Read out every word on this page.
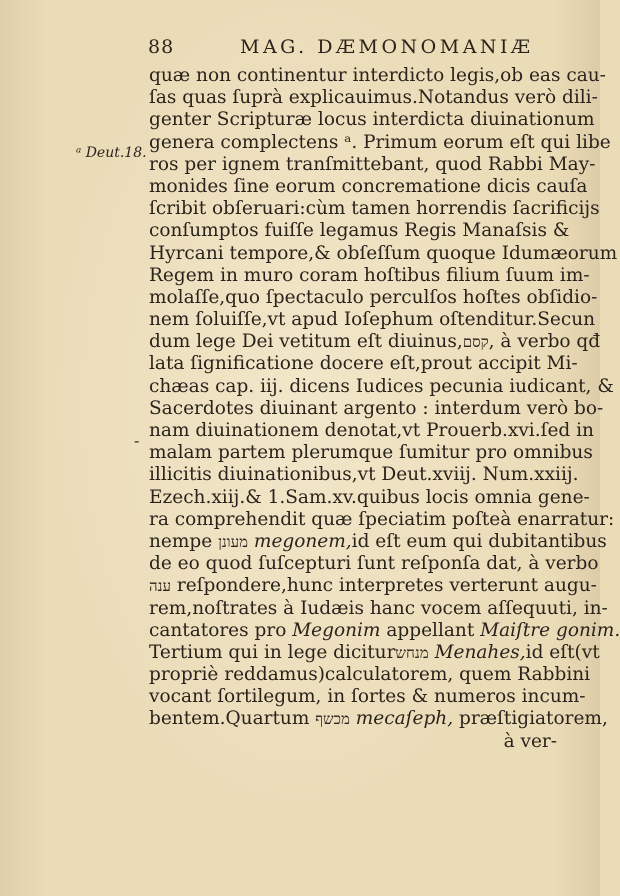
88	MAG. DÆMONOMANIÆ
ᵃ Deut.18.
-
quæ non continentur interdicto legis,ob eas cau-
ſas quas ſuprà explicauimus.Notandus verò dili-
genter Scripturæ locus interdicta diuinationum
genera complectens ᵃ. Primum eorum eſt qui libe
ros per ignem tranſmittebant, quod Rabbi May-
monides ſine eorum concrematione dicis cauſa
ſcribit obſeruari:cùm tamen horrendis ſacrificijs
conſumptos fuiſſe legamus Regis Manaſsis &
Hyrcani tempore,& obſeſſum quoque Idumæorum
Regem in muro coram hoſtibus filium ſuum im-
molaſſe,quo ſpectaculo perculſos hoſtes obſidio-
nem ſoluiſſe,vt apud Ioſephum oſtenditur.Secun
dum lege Dei vetitum eſt diuinus,קסם, à verbo qđ
lata ſignificatione docere eſt,prout accipit Mi-
chæas cap. iij. dicens Iudices pecunia iudicant, &
Sacerdotes diuinant argento : interdum verò bo-
nam diuinationem denotat,vt Prouerb.xvi.ſed in
malam partem plerumque ſumitur pro omnibus
illicitis diuinationibus,vt Deut.xviij. Num.xxiij.
Ezech.xiij.& 1.Sam.xv.quibus locis omnia gene-
ra comprehendit quæ ſpeciatim poſteà enarratur:
nempe מעונן megonem,id eſt eum qui dubitantibus
de eo quod ſuſcepturi ſunt reſponſa dat, à verbo
ענה reſpondere,hunc interpretes verterunt augu-
rem,noſtrates à Iudæis hanc vocem aſſequuti, in-
cantatores pro Megonim appellant Maiſtre gonim.
Tertium qui in lege diciturמנחש Menahes,id eſt(vt
propriè reddamus)calculatorem, quem Rabbini
vocant ſortilegum, in ſortes & numeros incum-
bentem.Quartum מכשף mecaſeph, præſtigiatorem,
à ver-
